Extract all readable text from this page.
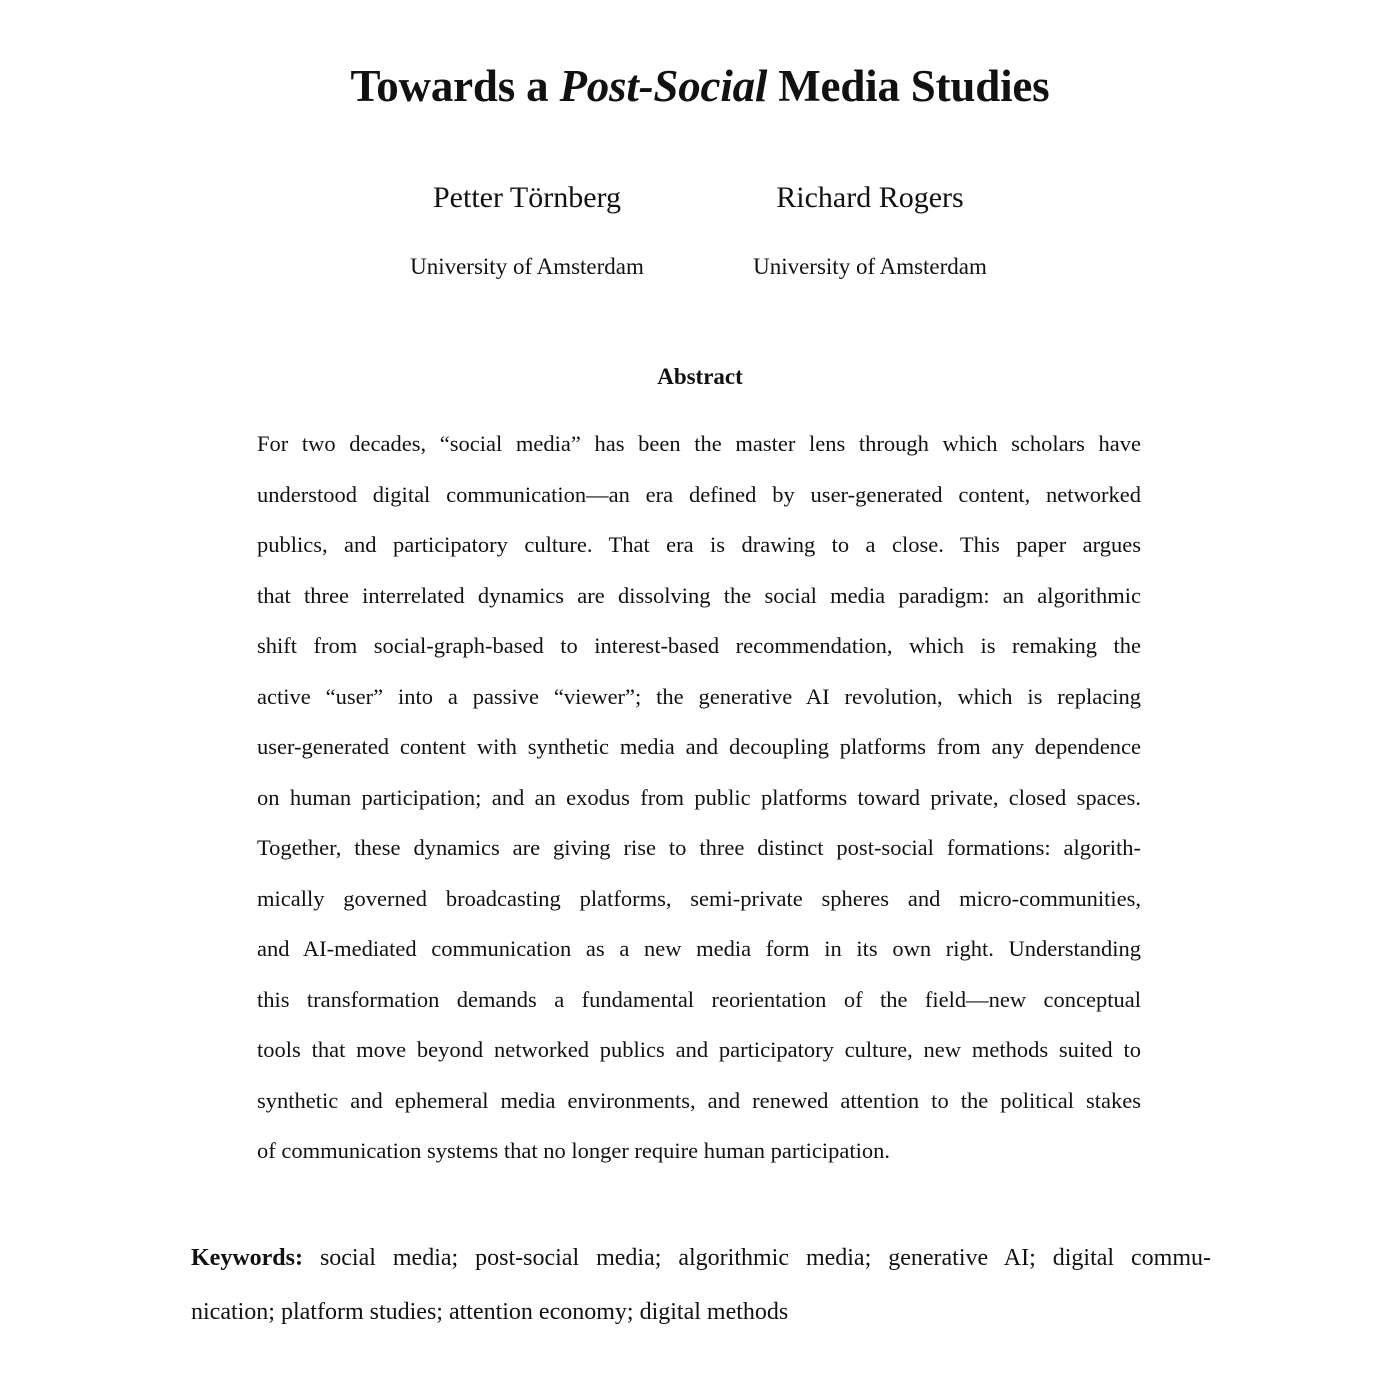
Towards a Post-Social Media Studies
Petter Törnberg
University of Amsterdam
Richard Rogers
University of Amsterdam
Abstract
For two decades, “social media” has been the master lens through which scholars have
understood digital communication—an era defined by user-generated content, networked
publics, and participatory culture. That era is drawing to a close. This paper argues
that three interrelated dynamics are dissolving the social media paradigm: an algorithmic
shift from social-graph-based to interest-based recommendation, which is remaking the
active “user” into a passive “viewer”; the generative AI revolution, which is replacing
user-generated content with synthetic media and decoupling platforms from any dependence
on human participation; and an exodus from public platforms toward private, closed spaces.
Together, these dynamics are giving rise to three distinct post-social formations: algorith-
mically governed broadcasting platforms, semi-private spheres and micro-communities,
and AI-mediated communication as a new media form in its own right. Understanding
this transformation demands a fundamental reorientation of the field—new conceptual
tools that move beyond networked publics and participatory culture, new methods suited to
synthetic and ephemeral media environments, and renewed attention to the political stakes
of communication systems that no longer require human participation.
Keywords: social media; post-social media; algorithmic media; generative AI; digital commu-
nication; platform studies; attention economy; digital methods
